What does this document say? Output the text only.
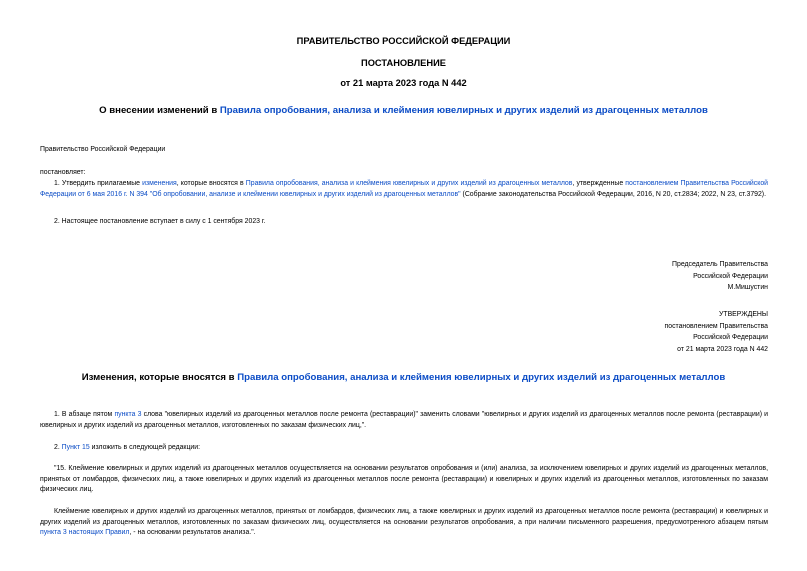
ПРАВИТЕЛЬСТВО РОССИЙСКОЙ ФЕДЕРАЦИИ
ПОСТАНОВЛЕНИЕ
от 21 марта 2023 года N 442
О внесении изменений в Правила опробования, анализа и клеймения ювелирных и других изделий из драгоценных металлов
Правительство Российской Федерации
постановляет:
1. Утвердить прилагаемые изменения, которые вносятся в Правила опробования, анализа и клеймения ювелирных и других изделий из драгоценных металлов, утвержденные постановлением Правительства Российской Федерации от 6 мая 2016 г. N 394 "Об опробовании, анализе и клеймении ювелирных и других изделий из драгоценных металлов" (Собрание законодательства Российской Федерации, 2016, N 20, ст.2834; 2022, N 23, ст.3792).
2. Настоящее постановление вступает в силу с 1 сентября 2023 г.
Председатель Правительства
Российской Федерации
М.Мишустин
УТВЕРЖДЕНЫ
постановлением Правительства
Российской Федерации
от 21 марта 2023 года N 442
Изменения, которые вносятся в Правила опробования, анализа и клеймения ювелирных и других изделий из драгоценных металлов
1. В абзаце пятом пункта 3 слова "ювелирных изделий из драгоценных металлов после ремонта (реставрации)" заменить словами "ювелирных и других изделий из драгоценных металлов после ремонта (реставрации) и ювелирных и других изделий из драгоценных металлов, изготовленных по заказам физических лиц,".
2. Пункт 15 изложить в следующей редакции:
"15. Клеймение ювелирных и других изделий из драгоценных металлов осуществляется на основании результатов опробования и (или) анализа, за исключением ювелирных и других изделий из драгоценных металлов, принятых от ломбардов, физических лиц, а также ювелирных и других изделий из драгоценных металлов после ремонта (реставрации) и ювелирных и других изделий из драгоценных металлов, изготовленных по заказам физических лиц.
Клеймение ювелирных и других изделий из драгоценных металлов, принятых от ломбардов, физических лиц, а также ювелирных и других изделий из драгоценных металлов после ремонта (реставрации) и ювелирных и других изделий из драгоценных металлов, изготовленных по заказам физических лиц, осуществляется на основании результатов опробования, а при наличии письменного разрешения, предусмотренного абзацем пятым пункта 3 настоящих Правил, - на основании результатов анализа.".
